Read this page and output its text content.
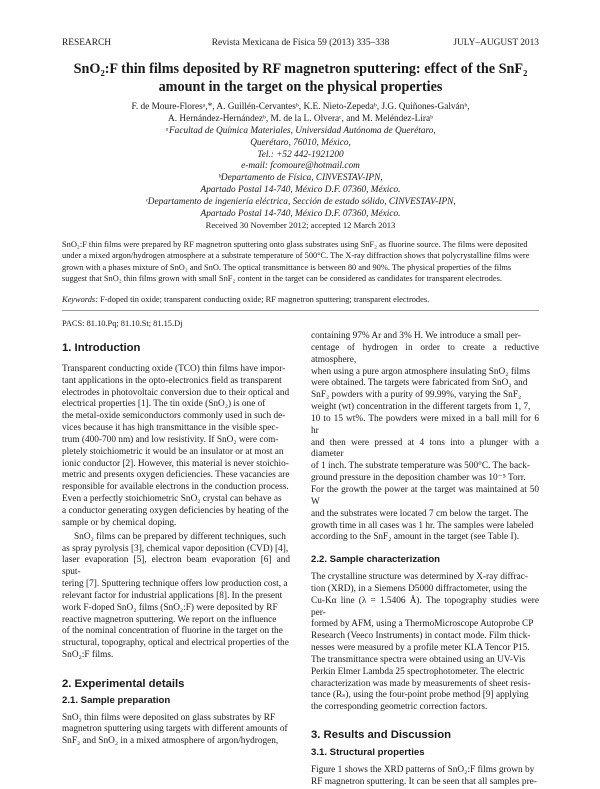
RESEARCH	Revista Mexicana de Física 59 (2013) 335–338	JULY–AUGUST 2013
SnO₂:F thin films deposited by RF magnetron sputtering: effect of the SnF₂
amount in the target on the physical properties
F. de Moure-Floresᵃ,*, A. Guillén-Cervantesᵇ, K.E. Nieto-Zepedaᵇ, J.G. Quiñones-Galvánᵇ,
A. Hernández-Hernándezᵇ, M. de la L. Olveraᶜ, and M. Meléndez-Liraᵇ
ᵃFacultad de Química Materiales, Universidad Autónoma de Querétaro,
Querétaro, 76010, México,
Tel.: +52 442-1921200
e-mail: fcomoure@hotmail.com
ᵇDepartamento de Física, CINVESTAV-IPN,
Apartado Postal 14-740, México D.F. 07360, México.
ᶜDepartamento de ingeniería eléctrica, Sección de estado sólido, CINVESTAV-IPN,
Apartado Postal 14-740, México D.F. 07360, México.
Received 30 November 2012; accepted 12 March 2013
SnO₂:F thin films were prepared by RF magnetron sputtering onto glass substrates using SnF₂ as fluorine source. The films were deposited
under a mixed argon/hydrogen atmosphere at a substrate temperature of 500°C. The X-ray diffraction shows that polycrystalline films were
grown with a phases mixture of SnO₂ and SnO. The optical transmittance is between 80 and 90%. The physical properties of the films
suggest that SnO₂ thin films grown with small SnF₂ content in the target can be considered as candidates for transparent electrodes.
Keywords: F-doped tin oxide; transparent conducting oxide; RF magnetron sputtering; transparent electrodes.
PACS: 81.10.Pq; 81.10.St; 81.15.Dj
1. Introduction

Transparent conducting oxide (TCO) thin films have impor-
tant applications in the opto-electronics field as transparent
electrodes in photovoltaic conversion due to their optical and
electrical properties [1]. The tin oxide (SnO₂) is one of
the metal-oxide semiconductors commonly used in such de-
vices because it has high transmittance in the visible spec-
trum (400-700 nm) and low resistivity. If SnO₂ were com-
pletely stoichiometric it would be an insulator or at most an
ionic conductor [2]. However, this material is never stoichio-
metric and presents oxygen deficiencies. These vacancies are
responsible for available electrons in the conduction process.
Even a perfectly stoichiometric SnO₂ crystal can behave as
a conductor generating oxygen deficiencies by heating of the
sample or by chemical doping.

SnO₂ films can be prepared by different techniques, such
as spray pyrolysis [3], chemical vapor deposition (CVD) [4],
laser evaporation [5], electron beam evaporation [6] and sput-
tering [7]. Sputtering technique offers low production cost, a
relevant factor for industrial applications [8]. In the present
work F-doped SnO₂ films (SnO₂:F) were deposited by RF
reactive magnetron sputtering. We report on the influence
of the nominal concentration of fluorine in the target on the
structural, topography, optical and electrical properties of the
SnO₂:F films.

2. Experimental details
2.1. Sample preparation

SnO₂ thin films were deposited on glass substrates by RF
magnetron sputtering using targets with different amounts of
SnF₂ and SnO₂ in a mixed atmosphere of argon/hydrogen,

containing 97% Ar and 3% H. We introduce a small per-
centage of hydrogen in order to create a reductive atmosphere,
when using a pure argon atmosphere insulating SnO₂ films
were obtained. The targets were fabricated from SnO₂ and
SnF₂ powders with a purity of 99.99%, varying the SnF₂
weight (wt) concentration in the different targets from 1, 7,
10 to 15 wt%. The powders were mixed in a ball mill for 6 hr
and then were pressed at 4 tons into a plunger with a diameter
of 1 inch. The substrate temperature was 500°C. The back-
ground pressure in the deposition chamber was 10⁻⁵ Torr.
For the growth the power at the target was maintained at 50 W
and the substrates were located 7 cm below the target. The
growth time in all cases was 1 hr. The samples were labeled
according to the SnF₂ amount in the target (see Table I).

2.2. Sample characterization

The crystalline structure was determined by X-ray diffrac-
tion (XRD), in a Siemens D5000 diffractometer, using the
Cu-Kα line (λ = 1.5406 Å). The topography studies were per-
formed by AFM, using a ThermoMicroscope Autoprobe CP
Research (Veeco Instruments) in contact mode. Film thick-
nesses were measured by a profile meter KLA Tencor P15.
The transmittance spectra were obtained using an UV-Vis
Perkin Elmer Lambda 25 spectrophotometer. The electric
characterization was made by measurements of sheet resis-
tance (Rₛ), using the four-point probe method [9] applying
the corresponding geometric correction factors.

3. Results and Discussion
3.1. Structural properties

Figure 1 shows the XRD patterns of SnO₂:F films grown by
RF magnetron sputtering. It can be seen that all samples pre-
